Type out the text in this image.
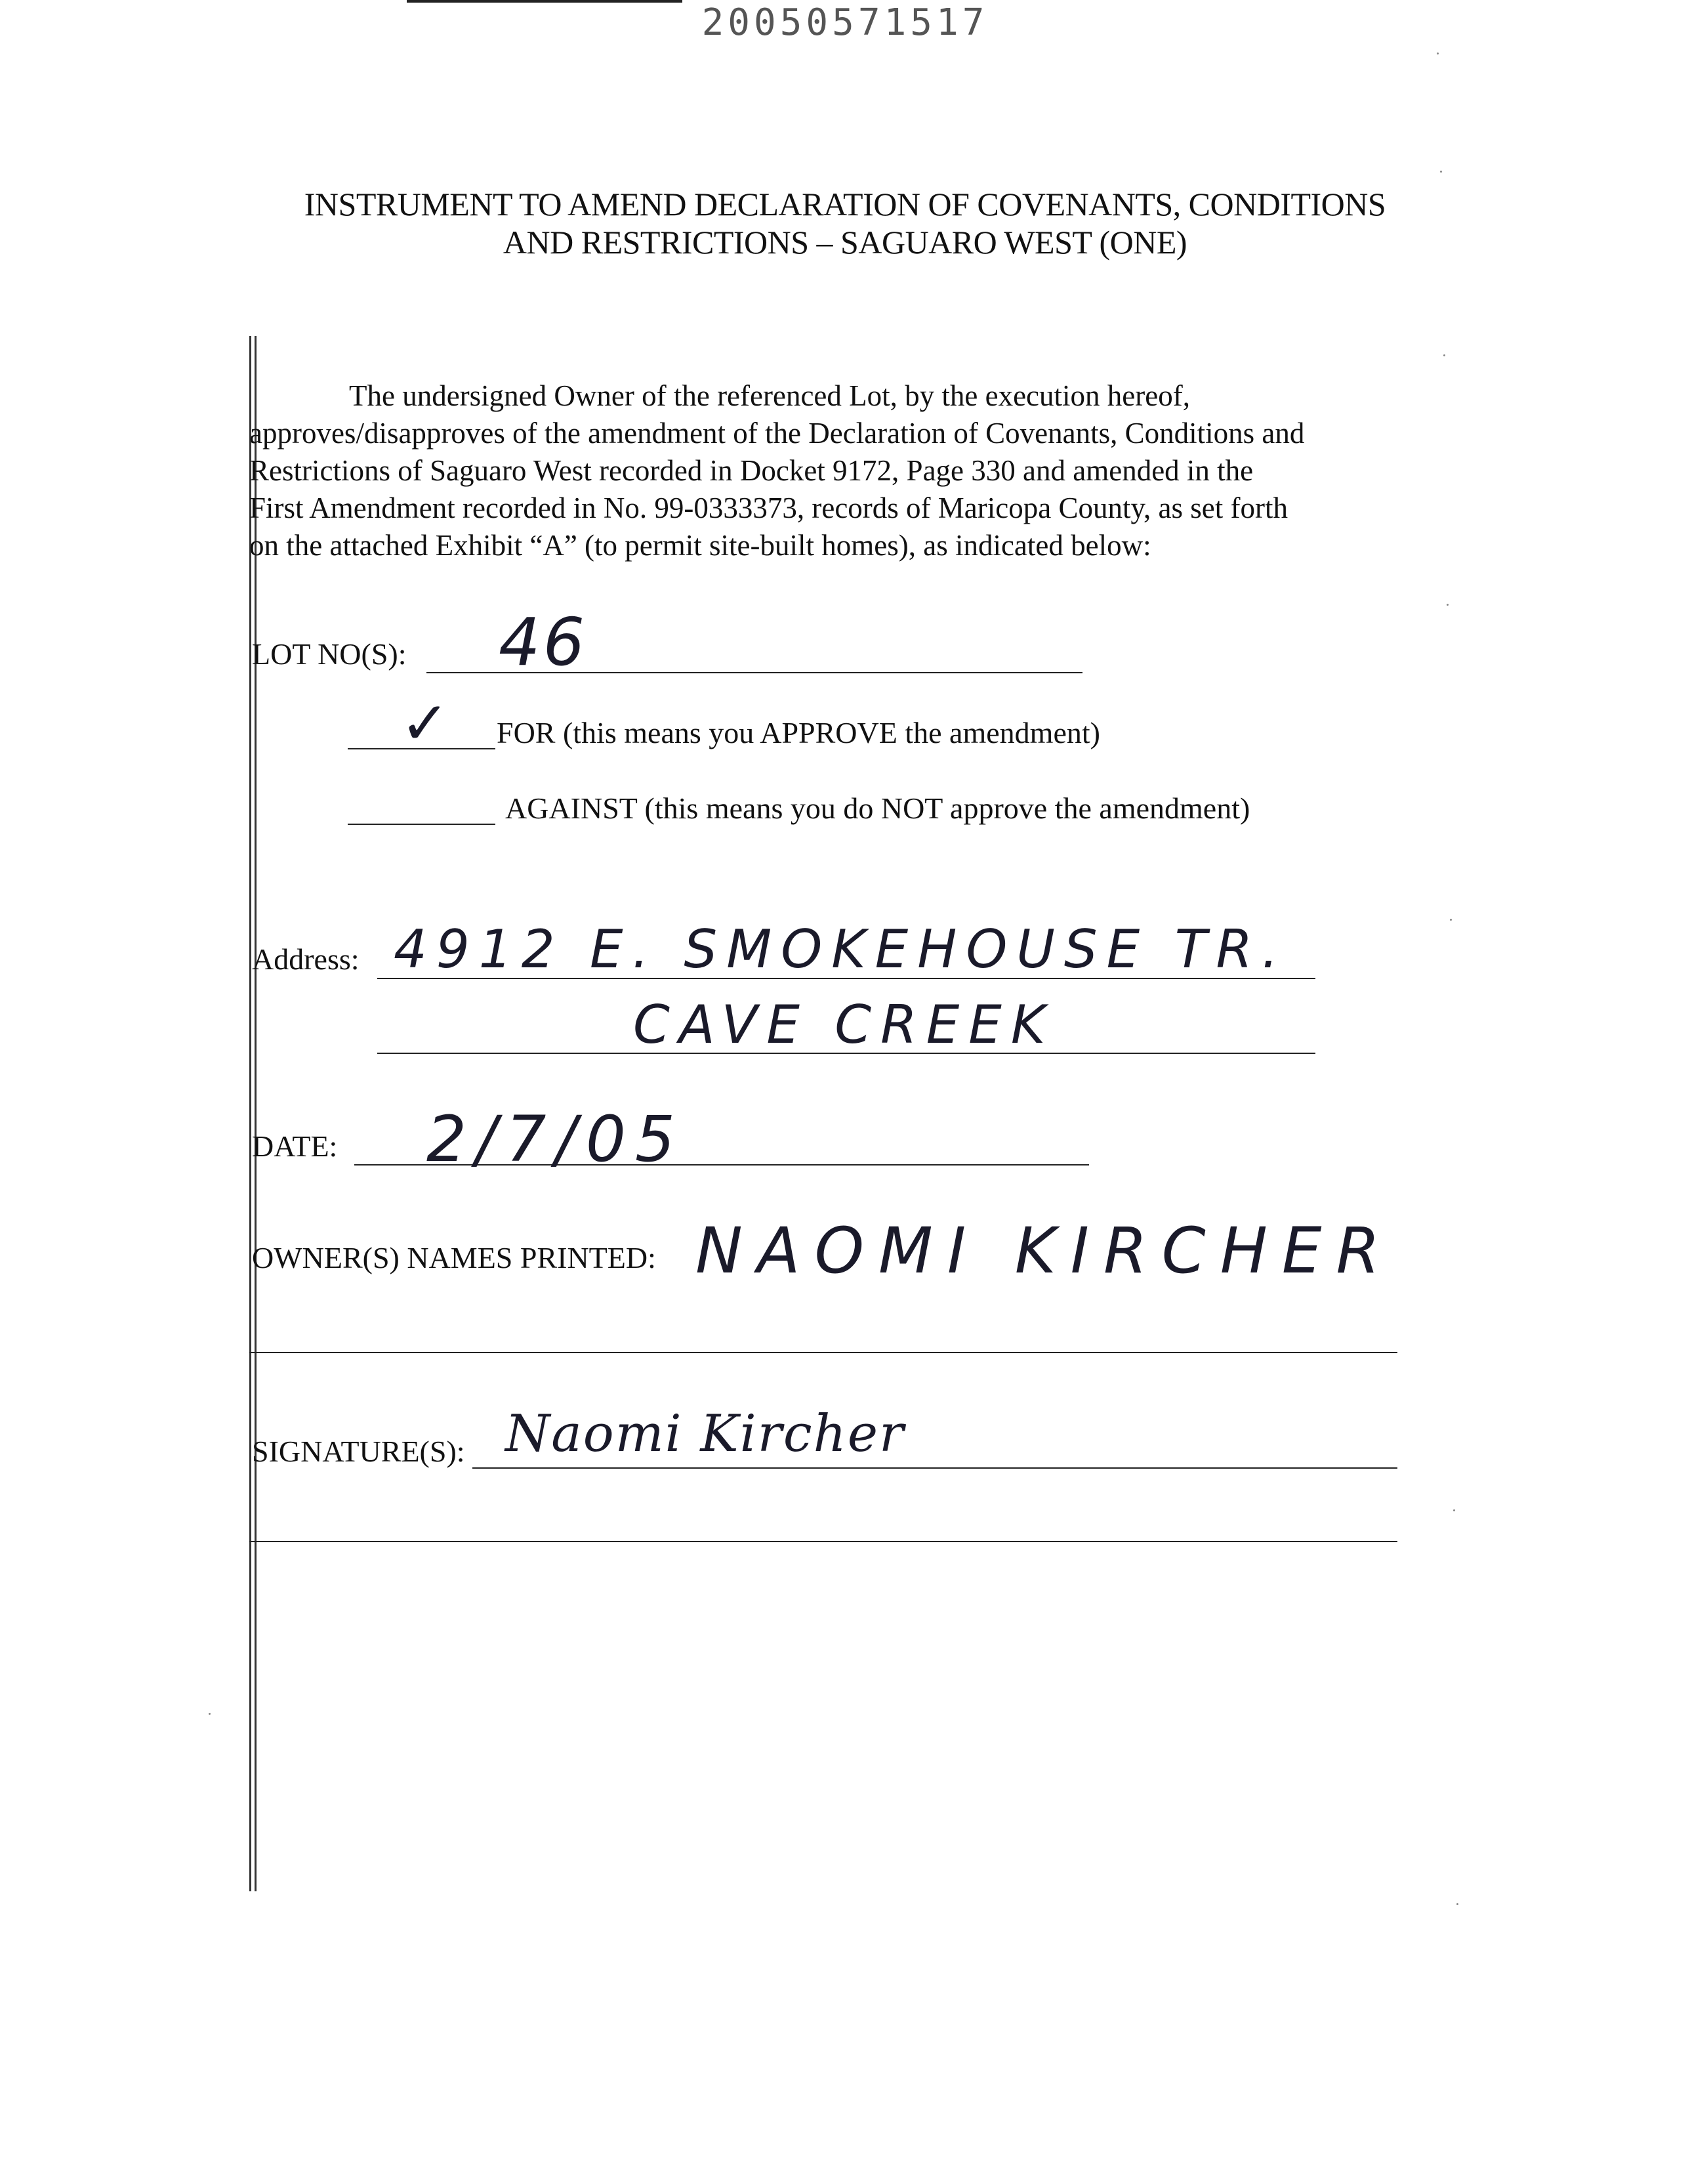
20050571517
INSTRUMENT TO AMEND DECLARATION OF COVENANTS, CONDITIONS
AND RESTRICTIONS – SAGUARO WEST (ONE)

The undersigned Owner of the referenced Lot, by the execution hereof,

approves/disapproves of the amendment of the Declaration of Covenants, Conditions and

Restrictions of Saguaro West recorded in Docket 9172, Page 330 and amended in the

First Amendment recorded in No. 99-0333373, records of Maricopa County, as set forth

on the attached Exhibit “A” (to permit site-built homes), as indicated below:

LOT NO(S): 46
✓ FOR (this means you APPROVE the amendment)
AGAINST (this means you do NOT approve the amendment)
Address: 4912 E. SMOKEHOUSE TR.
CAVE CREEK
DATE: 2/7/05
OWNER(S) NAMES PRINTED: NAOMI KIRCHER
SIGNATURE(S): Naomi Kircher
